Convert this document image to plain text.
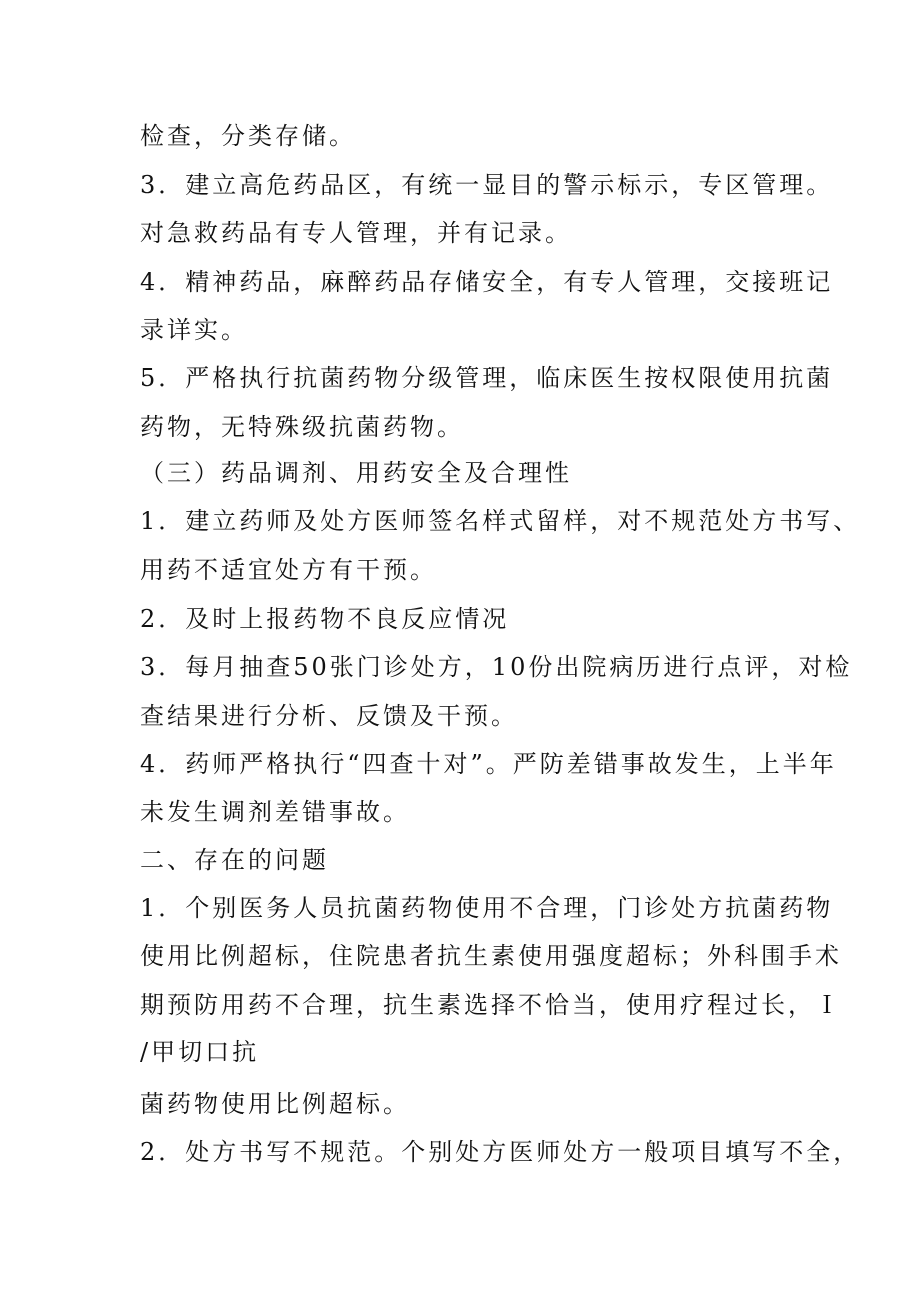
检查，分类存储。

3．建立高危药品区，有统一显目的警示标示，专区管理。

对急救药品有专人管理，并有记录。

4．精神药品，麻醉药品存储安全，有专人管理，交接班记

录详实。

5．严格执行抗菌药物分级管理，临床医生按权限使用抗菌

药物，无特殊级抗菌药物。

（三）药品调剂、用药安全及合理性

1．建立药师及处方医师签名样式留样，对不规范处方书写、

用药不适宜处方有干预。

2．及时上报药物不良反应情况

3．每月抽查50张门诊处方，10份出院病历进行点评，对检

查结果进行分析、反馈及干预。

4．药师严格执行“四查十对”。严防差错事故发生，上半年

未发生调剂差错事故。

二、存在的问题

1．个别医务人员抗菌药物使用不合理，门诊处方抗菌药物

使用比例超标，住院患者抗生素使用强度超标；外科围手术

期预防用药不合理，抗生素选择不恰当，使用疗程过长，Ｉ

/甲切口抗

菌药物使用比例超标。

2．处方书写不规范。个别处方医师处方一般项目填写不全，
